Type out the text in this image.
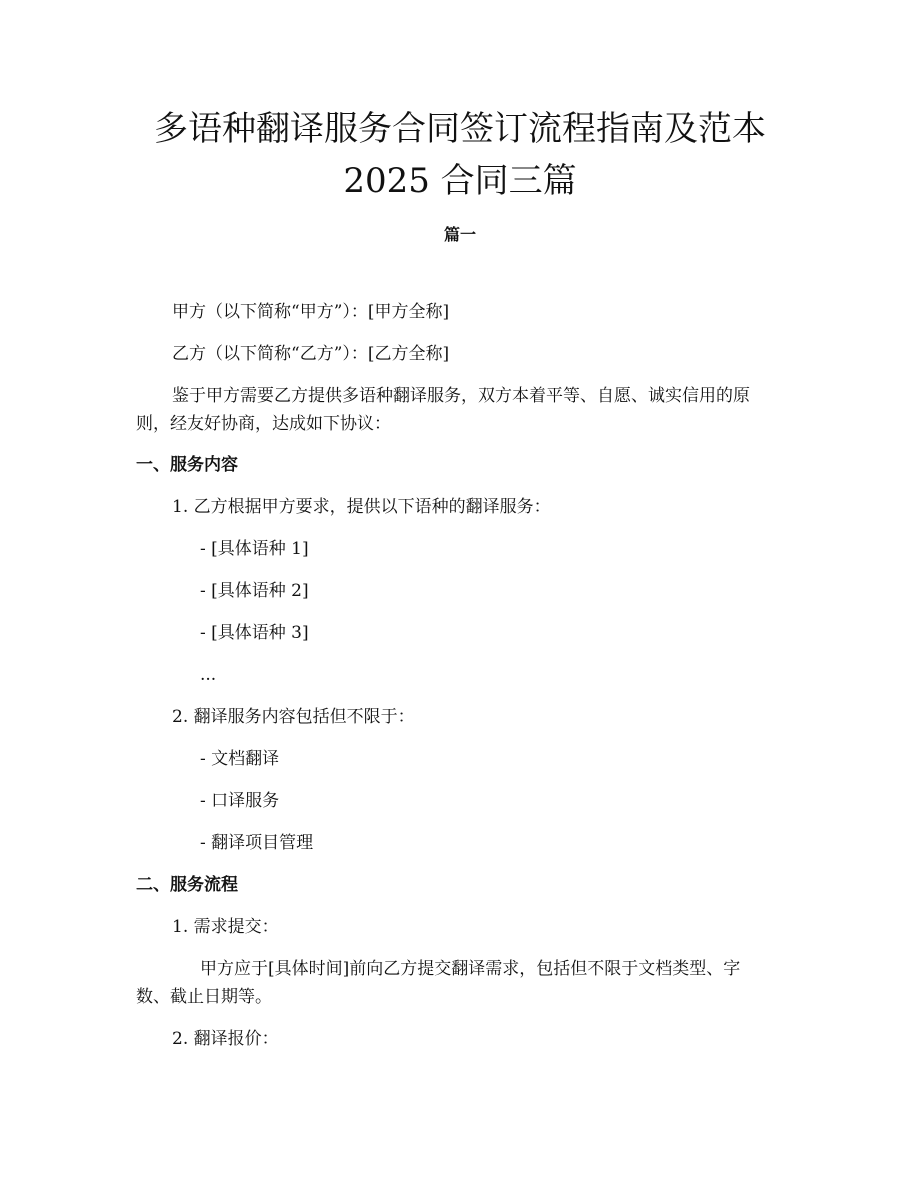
多语种翻译服务合同签订流程指南及范本
2025 合同三篇
篇一

甲方（以下简称“甲方”）：[甲方全称]

乙方（以下简称“乙方”）：[乙方全称]

鉴于甲方需要乙方提供多语种翻译服务，双方本着平等、自愿、诚实信用的原

则，经友好协商，达成如下协议：

一、服务内容

1. 乙方根据甲方要求，提供以下语种的翻译服务：

- [具体语种 1]

- [具体语种 2]

- [具体语种 3]

...

2. 翻译服务内容包括但不限于：

- 文档翻译

- 口译服务

- 翻译项目管理

二、服务流程

1. 需求提交：

甲方应于[具体时间]前向乙方提交翻译需求，包括但不限于文档类型、字

数、截止日期等。

2. 翻译报价：
